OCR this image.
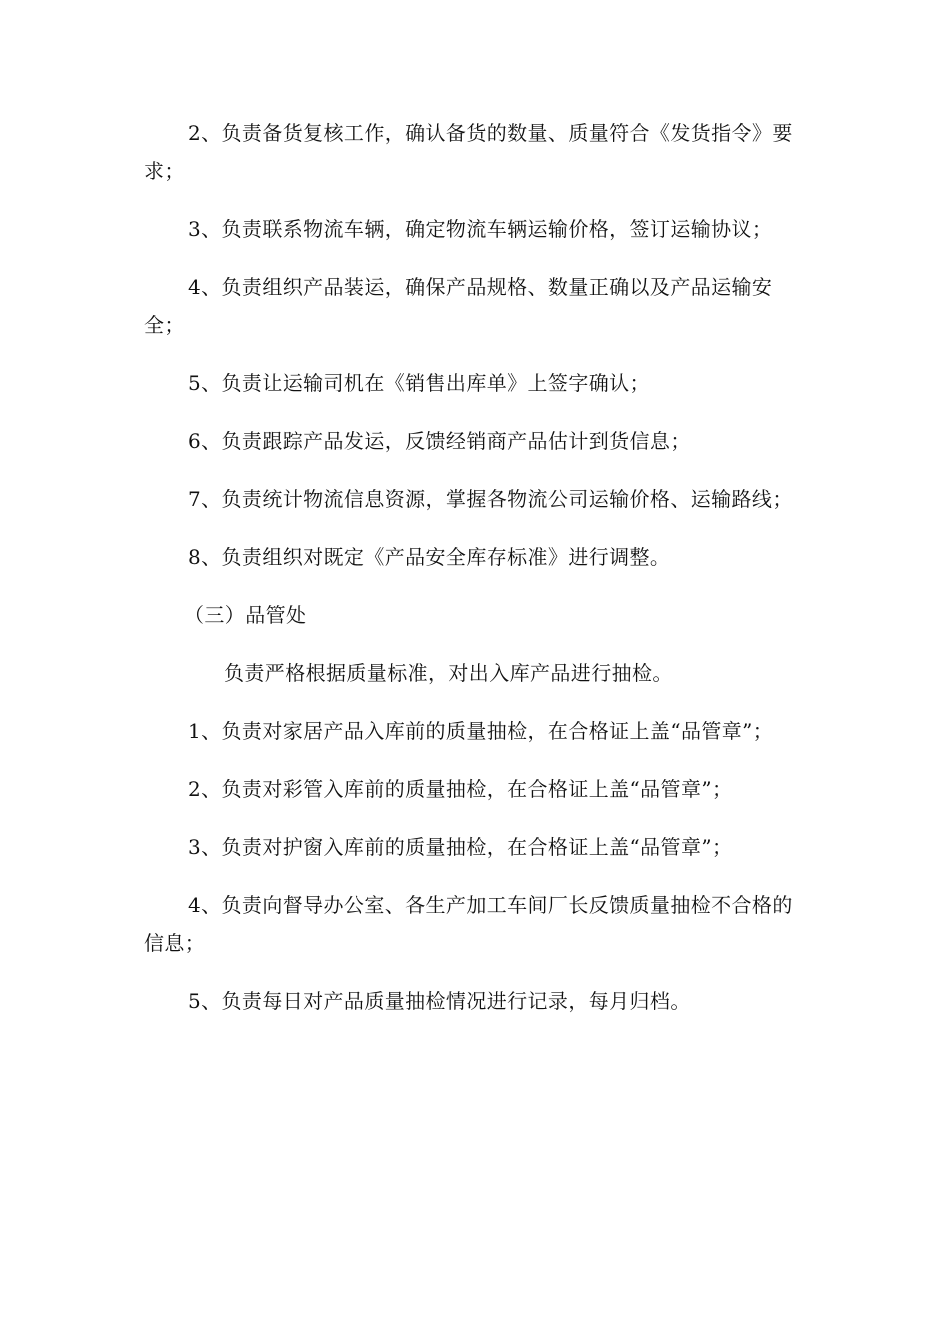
2、负责备货复核工作，确认备货的数量、质量符合《发货指令》要求；

3、负责联系物流车辆，确定物流车辆运输价格，签订运输协议；

4、负责组织产品装运，确保产品规格、数量正确以及产品运输安全；

5、负责让运输司机在《销售出库单》上签字确认；

6、负责跟踪产品发运，反馈经销商产品估计到货信息；

7、负责统计物流信息资源，掌握各物流公司运输价格、运输路线；

8、负责组织对既定《产品安全库存标准》进行调整。

（三）品管处

负责严格根据质量标准，对出入库产品进行抽检。

1、负责对家居产品入库前的质量抽检，在合格证上盖“品管章”；

2、负责对彩管入库前的质量抽检，在合格证上盖“品管章”；

3、负责对护窗入库前的质量抽检，在合格证上盖“品管章”；

4、负责向督导办公室、各生产加工车间厂长反馈质量抽检不合格的信息；

5、负责每日对产品质量抽检情况进行记录，每月归档。
